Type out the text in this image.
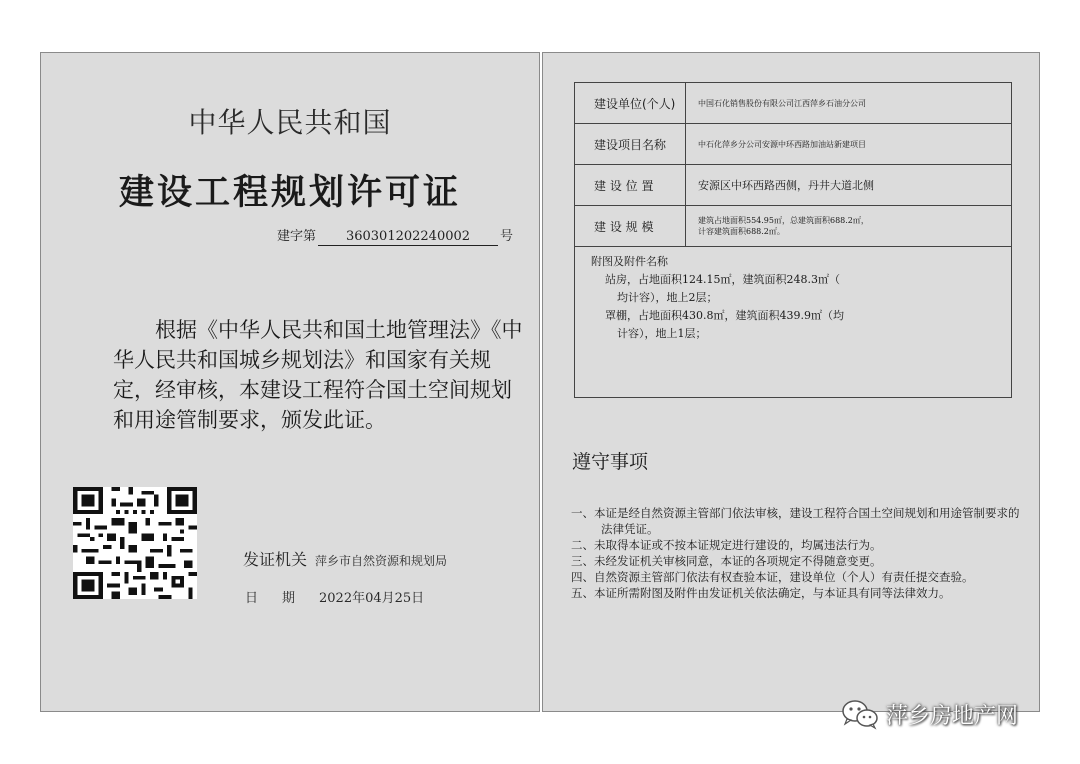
中华人民共和国
建设工程规划许可证
建字第 360301202240002 号
根据《中华人民共和国土地管理法》《中华人民共和国城乡规划法》和国家有关规定，经审核，本建设工程符合国土空间规划和用途管制要求，颁发此证。
发证机关 萍乡市自然资源和规划局
日期2022年04月25日
建设单位(个人)	中国石化销售股份有限公司江西萍乡石油分公司
建设项目名称	中石化萍乡分公司安源中环西路加油站新建项目
建 设 位 置	安源区中环西路西侧，丹井大道北侧
建 设 规 模	建筑占地面积554.95㎡，总建筑面积688.2㎡，
计容建筑面积688.2㎡。
附图及附件名称
站房，占地面积124.15㎡，建筑面积248.3㎡（
均计容），地上2层；
罩棚，占地面积430.8㎡，建筑面积439.9㎡（均
计容），地上1层；
遵守事项
一、本证是经自然资源主管部门依法审核，建设工程符合国土空间规划和用途管制要求的法律凭证。
二、未取得本证或不按本证规定进行建设的，均属违法行为。
三、未经发证机关审核同意，本证的各项规定不得随意变更。
四、自然资源主管部门依法有权查验本证，建设单位（个人）有责任提交查验。
五、本证所需附图及附件由发证机关依法确定，与本证具有同等法律效力。
萍乡房地产网
